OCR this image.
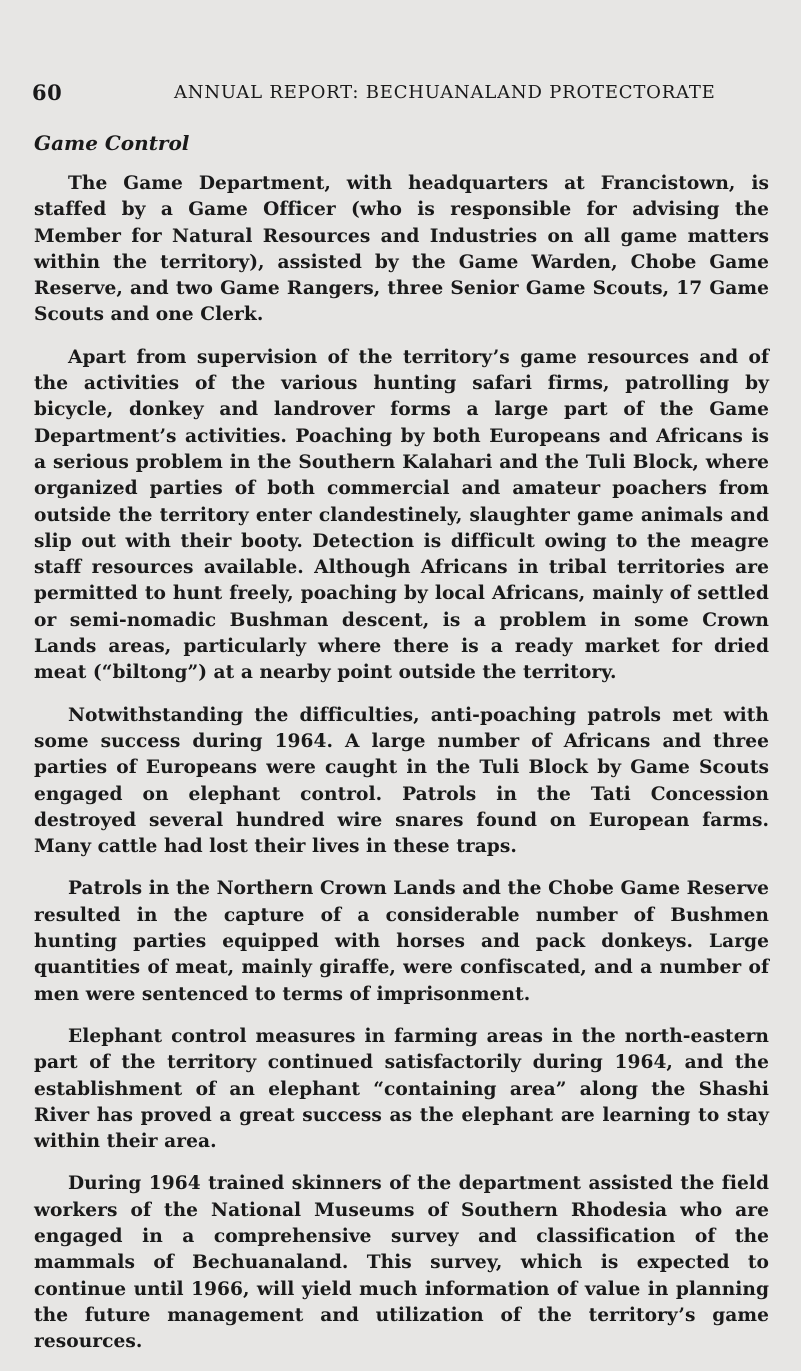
60	ANNUAL REPORT: BECHUANALAND PROTECTORATE
Game Control

The Game Department, with headquarters at Francistown, is staffed by a Game Officer (who is responsible for advising the Member for Natural Resources and Industries on all game matters within the territory), assisted by the Game Warden, Chobe Game Reserve, and two Game Rangers, three Senior Game Scouts, 17 Game Scouts and one Clerk.

Apart from supervision of the territory’s game resources and of the activities of the various hunting safari firms, patrolling by bicycle, donkey and landrover forms a large part of the Game Department’s activities. Poaching by both Europeans and Africans is a serious problem in the Southern Kalahari and the Tuli Block, where organized parties of both commercial and amateur poachers from outside the territory enter clandestinely, slaughter game animals and slip out with their booty. Detection is difficult owing to the meagre staff resources available. Although Africans in tribal territories are permitted to hunt freely, poaching by local Africans, mainly of settled or semi-nomadic Bushman descent, is a problem in some Crown Lands areas, particularly where there is a ready market for dried meat (“biltong”) at a nearby point outside the territory.

Notwithstanding the difficulties, anti-poaching patrols met with some success during 1964. A large number of Africans and three parties of Europeans were caught in the Tuli Block by Game Scouts engaged on elephant control. Patrols in the Tati Concession destroyed several hundred wire snares found on European farms. Many cattle had lost their lives in these traps.

Patrols in the Northern Crown Lands and the Chobe Game Reserve resulted in the capture of a considerable number of Bushmen hunting parties equipped with horses and pack donkeys. Large quantities of meat, mainly giraffe, were confiscated, and a number of men were sentenced to terms of imprisonment.

Elephant control measures in farming areas in the north-eastern part of the territory continued satisfactorily during 1964, and the establishment of an elephant “containing area” along the Shashi River has proved a great success as the elephant are learning to stay within their area.

During 1964 trained skinners of the department assisted the field workers of the National Museums of Southern Rhodesia who are engaged in a comprehensive survey and classification of the mammals of Bechuanaland. This survey, which is expected to continue until 1966, will yield much information of value in planning the future management and utilization of the territory’s game resources.
